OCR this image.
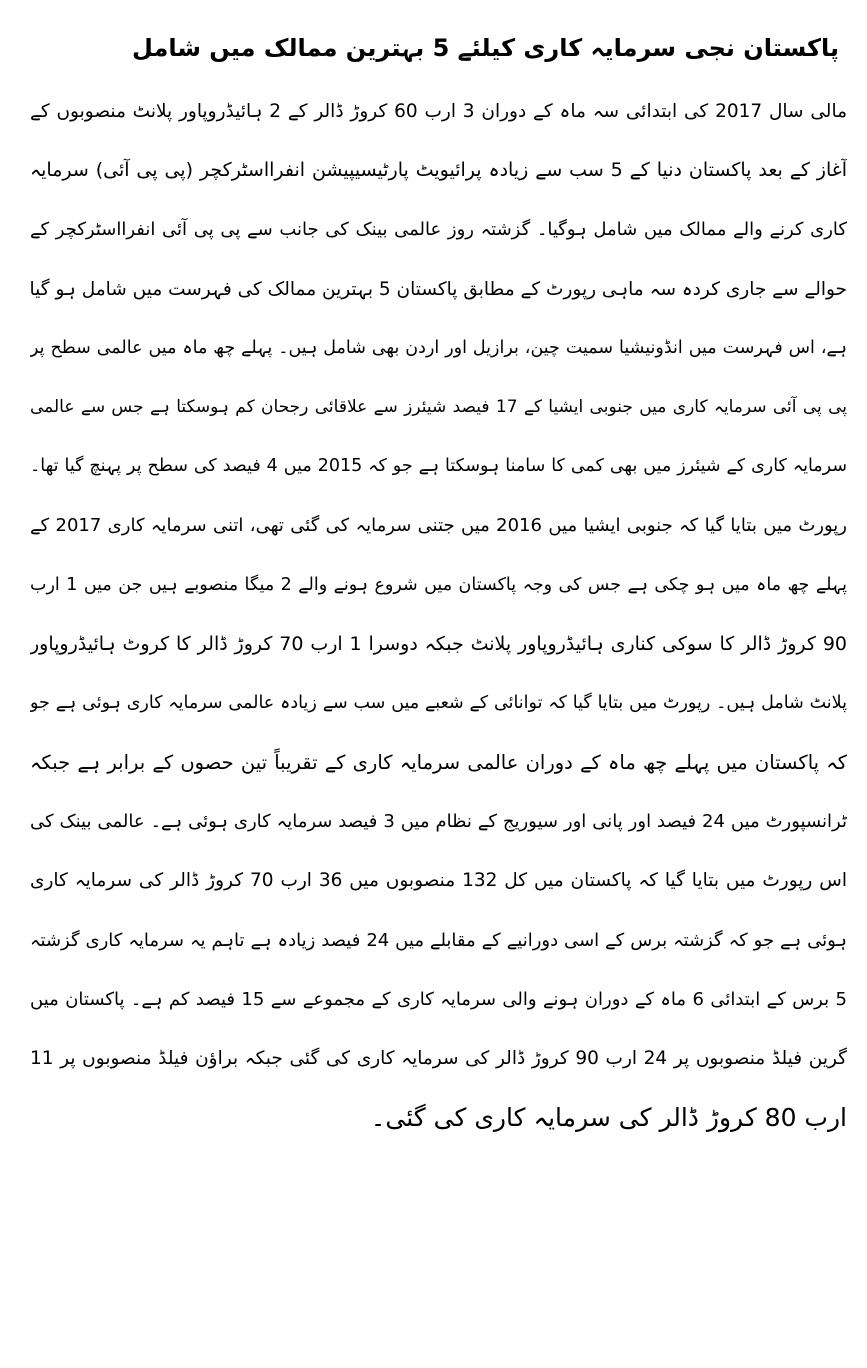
پاکستان نجی سرمایہ کاری کیلئے 5 بہترین ممالک میں شامل
مالی سال 2017 کی ابتدائی سہ ماہ کے دوران 3 ارب 60 کروڑ ڈالر کے 2 ہائیڈروپاور پلانٹ منصوبوں کے
آغاز کے بعد پاکستان دنیا کے 5 سب سے زیادہ پرائیویٹ پارٹیسیپیشن انفرااسٹرکچر (پی پی آئی) سرمایہ
کاری کرنے والے ممالک میں شامل ہوگیا۔ گزشتہ روز عالمی بینک کی جانب سے پی پی آئی انفرااسٹرکچر کے
حوالے سے جاری کردہ سہ ماہی رپورٹ کے مطابق پاکستان 5 بہترین ممالک کی فہرست میں شامل ہو گیا
ہے، اس فہرست میں انڈونیشیا سمیت چین، برازیل اور اردن بھی شامل ہیں۔ پہلے چھ ماہ میں عالمی سطح پر
پی پی آئی سرمایہ کاری میں جنوبی ایشیا کے 17 فیصد شیئرز سے علاقائی رجحان کم ہوسکتا ہے جس سے عالمی
سرمایہ کاری کے شیئرز میں بھی کمی کا سامنا ہوسکتا ہے جو کہ 2015 میں 4 فیصد کی سطح پر پہنچ گیا تھا۔
رپورٹ میں بتایا گیا کہ جنوبی ایشیا میں 2016 میں جتنی سرمایہ کی گئی تھی، اتنی سرمایہ کاری 2017 کے
پہلے چھ ماہ میں ہو چکی ہے جس کی وجہ پاکستان میں شروع ہونے والے 2 میگا منصوبے ہیں جن میں 1 ارب
90 کروڑ ڈالر کا سوکی کناری ہائیڈروپاور پلانٹ جبکہ دوسرا 1 ارب 70 کروڑ ڈالر کا کروٹ ہائیڈروپاور
پلانٹ شامل ہیں۔ رپورٹ میں بتایا گیا کہ توانائی کے شعبے میں سب سے زیادہ عالمی سرمایہ کاری ہوئی ہے جو
کہ پاکستان میں پہلے چھ ماہ کے دوران عالمی سرمایہ کاری کے تقریباً تین حصوں کے برابر ہے جبکہ
ٹرانسپورٹ میں 24 فیصد اور پانی اور سیوریج کے نظام میں 3 فیصد سرمایہ کاری ہوئی ہے۔ عالمی بینک کی
اس رپورٹ میں بتایا گیا کہ پاکستان میں کل 132 منصوبوں میں 36 ارب 70 کروڑ ڈالر کی سرمایہ کاری
ہوئی ہے جو کہ گزشتہ برس کے اسی دورانیے کے مقابلے میں 24 فیصد زیادہ ہے تاہم یہ سرمایہ کاری گزشتہ
5 برس کے ابتدائی 6 ماہ کے دوران ہونے والی سرمایہ کاری کے مجموعے سے 15 فیصد کم ہے۔ پاکستان میں
گرین فیلڈ منصوبوں پر 24 ارب 90 کروڑ ڈالر کی سرمایہ کاری کی گئی جبکہ براؤن فیلڈ منصوبوں پر 11
ارب 80 کروڑ ڈالر کی سرمایہ کاری کی گئی۔
